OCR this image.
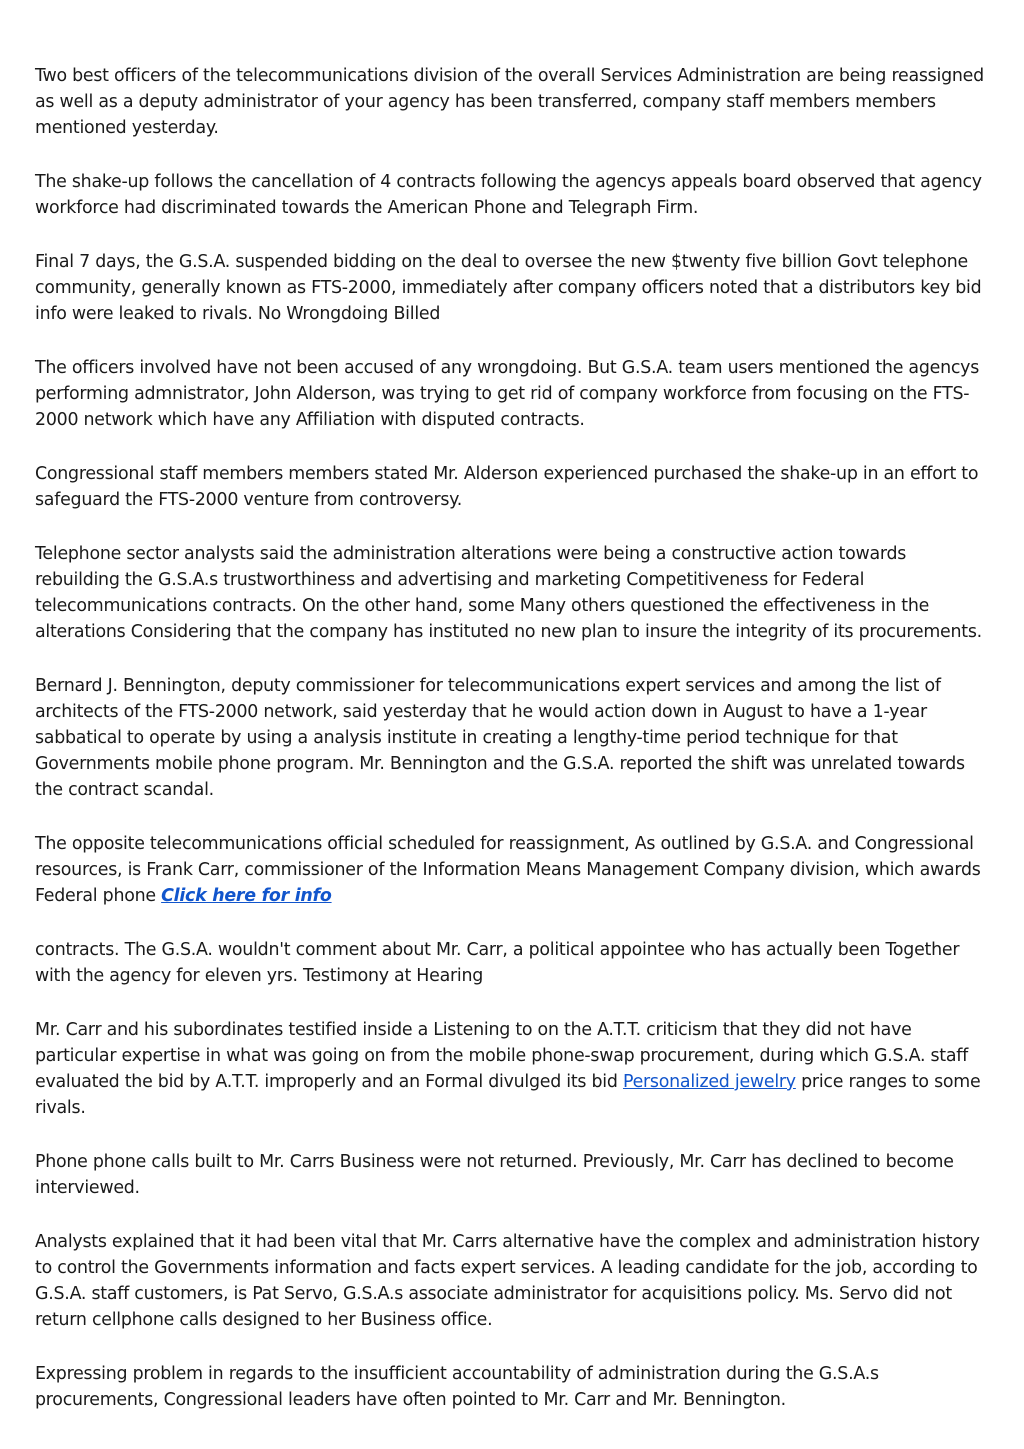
Two best officers of the telecommunications division of the overall Services Administration are being reassigned as well as a deputy administrator of your agency has been transferred, company staff members members mentioned yesterday.

The shake-up follows the cancellation of 4 contracts following the agencys appeals board observed that agency workforce had discriminated towards the American Phone and Telegraph Firm.

Final 7 days, the G.S.A. suspended bidding on the deal to oversee the new $twenty five billion Govt telephone community, generally known as FTS-2000, immediately after company officers noted that a distributors key bid info were leaked to rivals. No Wrongdoing Billed

The officers involved have not been accused of any wrongdoing. But G.S.A. team users mentioned the agencys performing admnistrator, John Alderson, was trying to get rid of company workforce from focusing on the FTS-2000 network which have any Affiliation with disputed contracts.

Congressional staff members members stated Mr. Alderson experienced purchased the shake-up in an effort to safeguard the FTS-2000 venture from controversy.

Telephone sector analysts said the administration alterations were being a constructive action towards rebuilding the G.S.A.s trustworthiness and advertising and marketing Competitiveness for Federal telecommunications contracts. On the other hand, some Many others questioned the effectiveness in the alterations Considering that the company has instituted no new plan to insure the integrity of its procurements.

Bernard J. Bennington, deputy commissioner for telecommunications expert services and among the list of architects of the FTS-2000 network, said yesterday that he would action down in August to have a 1-year sabbatical to operate by using a analysis institute in creating a lengthy-time period technique for that Governments mobile phone program. Mr. Bennington and the G.S.A. reported the shift was unrelated towards the contract scandal.

The opposite telecommunications official scheduled for reassignment, As outlined by G.S.A. and Congressional resources, is Frank Carr, commissioner of the Information Means Management Company division, which awards Federal phone Click here for info

contracts. The G.S.A. wouldn't comment about Mr. Carr, a political appointee who has actually been Together with the agency for eleven yrs. Testimony at Hearing

Mr. Carr and his subordinates testified inside a Listening to on the A.T.T. criticism that they did not have particular expertise in what was going on from the mobile phone-swap procurement, during which G.S.A. staff evaluated the bid by A.T.T. improperly and an Formal divulged its bid Personalized jewelry price ranges to some rivals.

Phone phone calls built to Mr. Carrs Business were not returned. Previously, Mr. Carr has declined to become interviewed.

Analysts explained that it had been vital that Mr. Carrs alternative have the complex and administration history to control the Governments information and facts expert services. A leading candidate for the job, according to G.S.A. staff customers, is Pat Servo, G.S.A.s associate administrator for acquisitions policy. Ms. Servo did not return cellphone calls designed to her Business office.

Expressing problem in regards to the insufficient accountability of administration during the G.S.A.s procurements, Congressional leaders have often pointed to Mr. Carr and Mr. Bennington.
